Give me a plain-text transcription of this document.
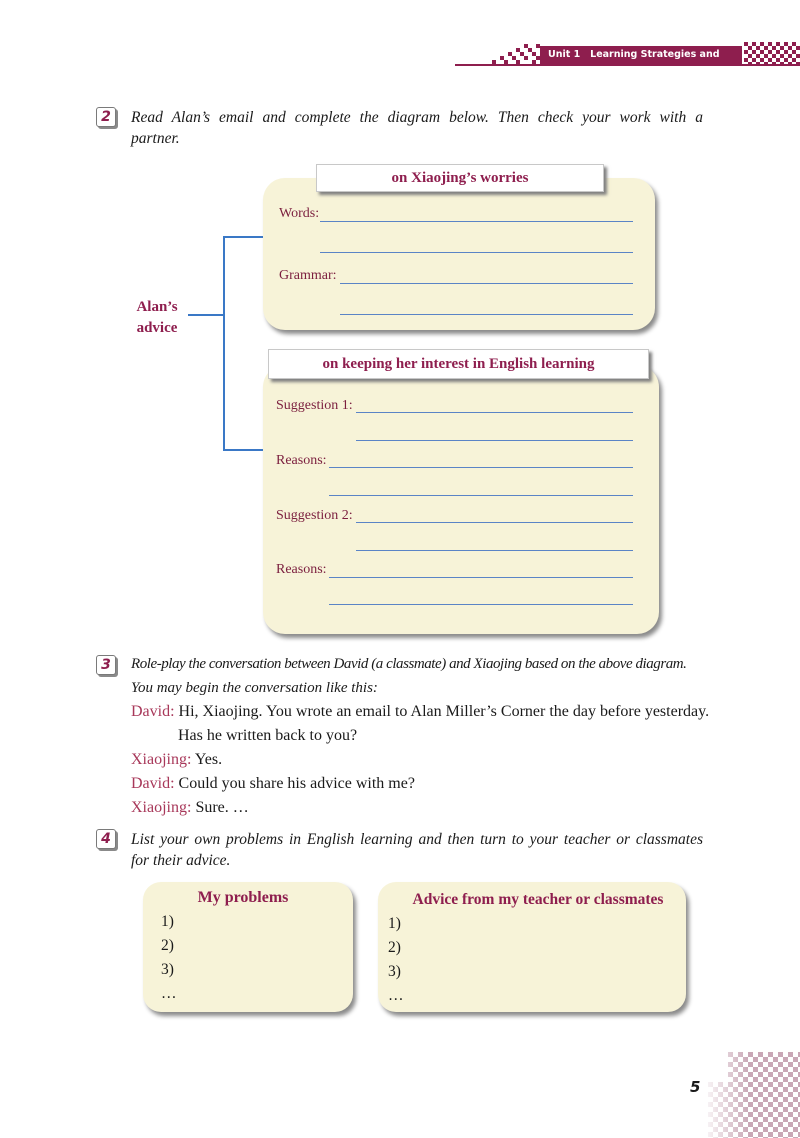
Unit 1 Learning Strategies and Habits
2	Read Alan’s email and complete the diagram below. Then check your work with a
partner.
Alan’s
advice
on Xiaojing’s worries
Words:
Grammar:
on keeping her interest in English learning
Suggestion 1:
Reasons:
Suggestion 2:
Reasons:
3	Role-play the conversation between David (a classmate) and Xiaojing based on the above diagram.
You may begin the conversation like this:
David: Hi, Xiaojing. You wrote an email to Alan Miller’s Corner the day before yesterday.
Has he written back to you?
Xiaojing: Yes.
David: Could you share his advice with me?
Xiaojing: Sure. …
4	List your own problems in English learning and then turn to your teacher or classmates
for their advice.
My problems
1)
2)
3)
…
Advice from my teacher or classmates
1)
2)
3)
…
5
